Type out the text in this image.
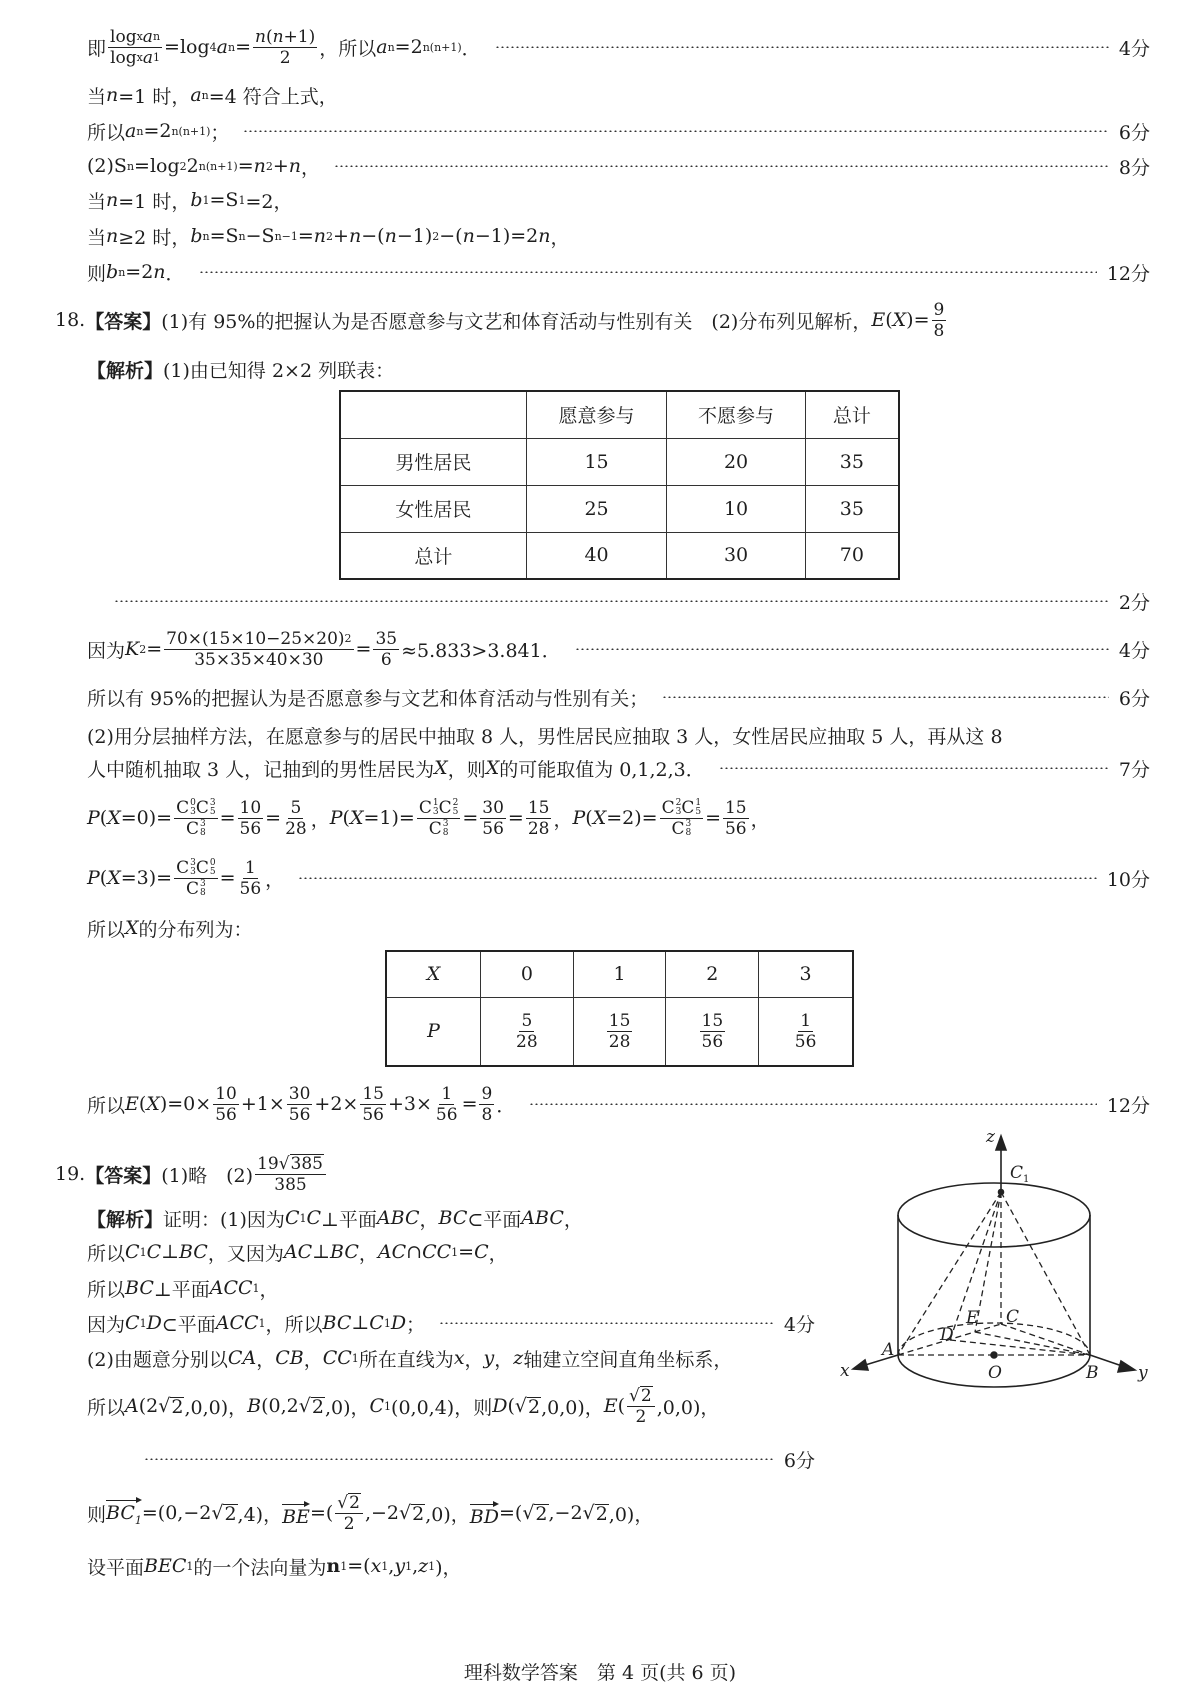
即 $\frac{\text{log x a n}}{\text{log x a 1}} =\log$ 4 a $n = \frac{n ( n +1)}{2}$ ，所以 a n =2 n(n+1) ．	4分
当 n =1 时， a n =4 符合上式，
所以 a n =2 n(n+1) ；	6分
(2)S n =log 2 2 n(n+1) = n 2 + n ，	8分
当 n =1 时， b 1 =S 1 =2，
当 n ≥2 时， b n =S n −S n−1 = n 2 + n −( n −1) 2 −( n −1)=2 n ，
则 b n =2 n ．	12分
18. 【答案】 (1)有 95%的把握认为是否愿意参与文艺和体育活动与性别有关　(2)分布列见解析， E ( X )= $\frac{9}{8}$
【解析】 (1)由已知得 2×2 列联表：
2分
因为 K $2 = \frac{70\times(15\times 10-25\times 20) 2}{35\times 35\times 40\times 30} = \frac{35}{6} \approx 5.833>3.841$．	4分
所以有 95%的把握认为是否愿意参与文艺和体育活动与性别有关；	6分
(2)用分层抽样方法，在愿意参与的居民中抽取 8 人，男性居民应抽取 3 人，女性居民应抽取 5 人，再从这 8
人中随机抽取 3 人，记抽到的男性居民为 X ，则 X 的可能取值为 0,1,2,3．	7分
P ( X =0)= C 0
3 C 3
5
C 3
$8 = \frac{10}{56} = \frac{5}{28}$ ， P ( X =1)= C 1
3 C 2
5
C 3
$8 = \frac{30}{56} = \frac{15}{28}$ ， P ( X =2)= C 2
3 C 1
5
C 3
$8 = \frac{15}{56}$ ，
P ( X =3)= C 3
3 C 0
5
C 3
$8 = \frac{1}{56}$ ，	10分
所以 X 的分布列为：
所以 E ( X )$=0\times \frac{10}{56} +1\times \frac{30}{56} +2\times \frac{15}{56} +3\times \frac{1}{56} = \frac{9}{8}$ ．	12分
19. 【答案】 (1)略　$(2) \frac{19 √ 385}{385}$
【解析】 证明：(1)因为 C 1 C ⊥平面 ABC ， BC ⊂平面 ABC ，
所以 C 1 C ⊥ BC ，又因为 AC ⊥ BC ， AC ∩ CC 1 = C ，
所以 BC ⊥平面 ACC 1 ，
因为 C 1 D ⊂平面 ACC 1 ，所以 BC ⊥ C 1 D ；	4分
(2)由题意分别以 CA ， CB ， CC 1 所在直线为 x ， y ， z 轴建立空间直角坐标系，
所以 A (2 √ 2 ,0,0)， B (0,2 √ 2 ,0)， C 1 (0,0,4)，则 D ( √ 2 ,0,0)， E ( $\frac{√ 2}{2} ,0,0$)，
6分
则 $BC_1 =(0,-2$ √ 2 ,4)， BE =( $\frac{√ 2}{2} ,-2$ √ 2 ,0)， BD =( √ 2 ,−2 √ 2 ,0)，
设平面 BEC 1 的一个法向量为 n 1 =( x 1 , y 1 , z 1 )，
	愿意参与	不愿参与	总计
男性居民	15	20	35
女性居民	25	10	35
总计	40	30	70
X	0	1	2	3
P	$\frac{5}{28}$	$\frac{15}{28}$	$\frac{15}{56}$	$\frac{1}{56}$
z
$C_1$
E C
D
A
O	B
x	y
理科数学答案　第 4 页(共 6 页)
